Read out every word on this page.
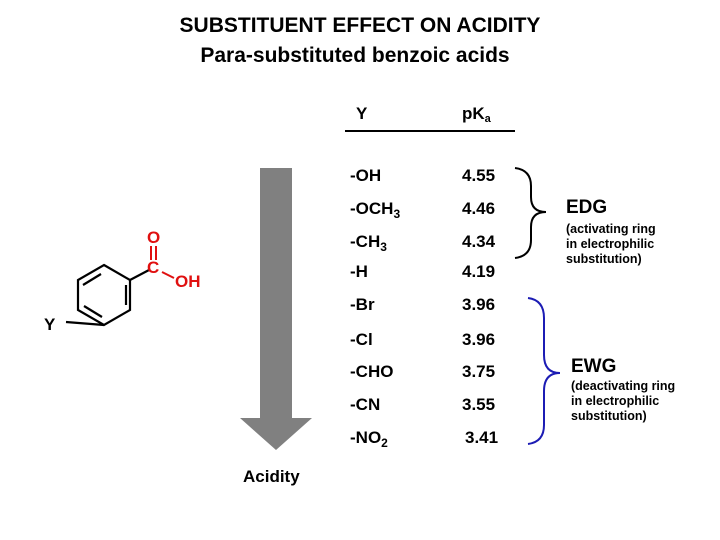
SUBSTITUENT EFFECT ON ACIDITY
Para-substituted benzoic acids
Y	pKa
-OH	4.55
$-OCH_3$	4.46
$-CH_3$	4.34
-H	4.19
-Br	3.96
-Cl	3.96
-CHO	3.75
-CN	3.55
$-NO_2$	3.41
O
C
OH
Y
EDG
(activating ring
in electrophilic
substitution)
EWG
(deactivating ring
in electrophilic
substitution)
Acidity
